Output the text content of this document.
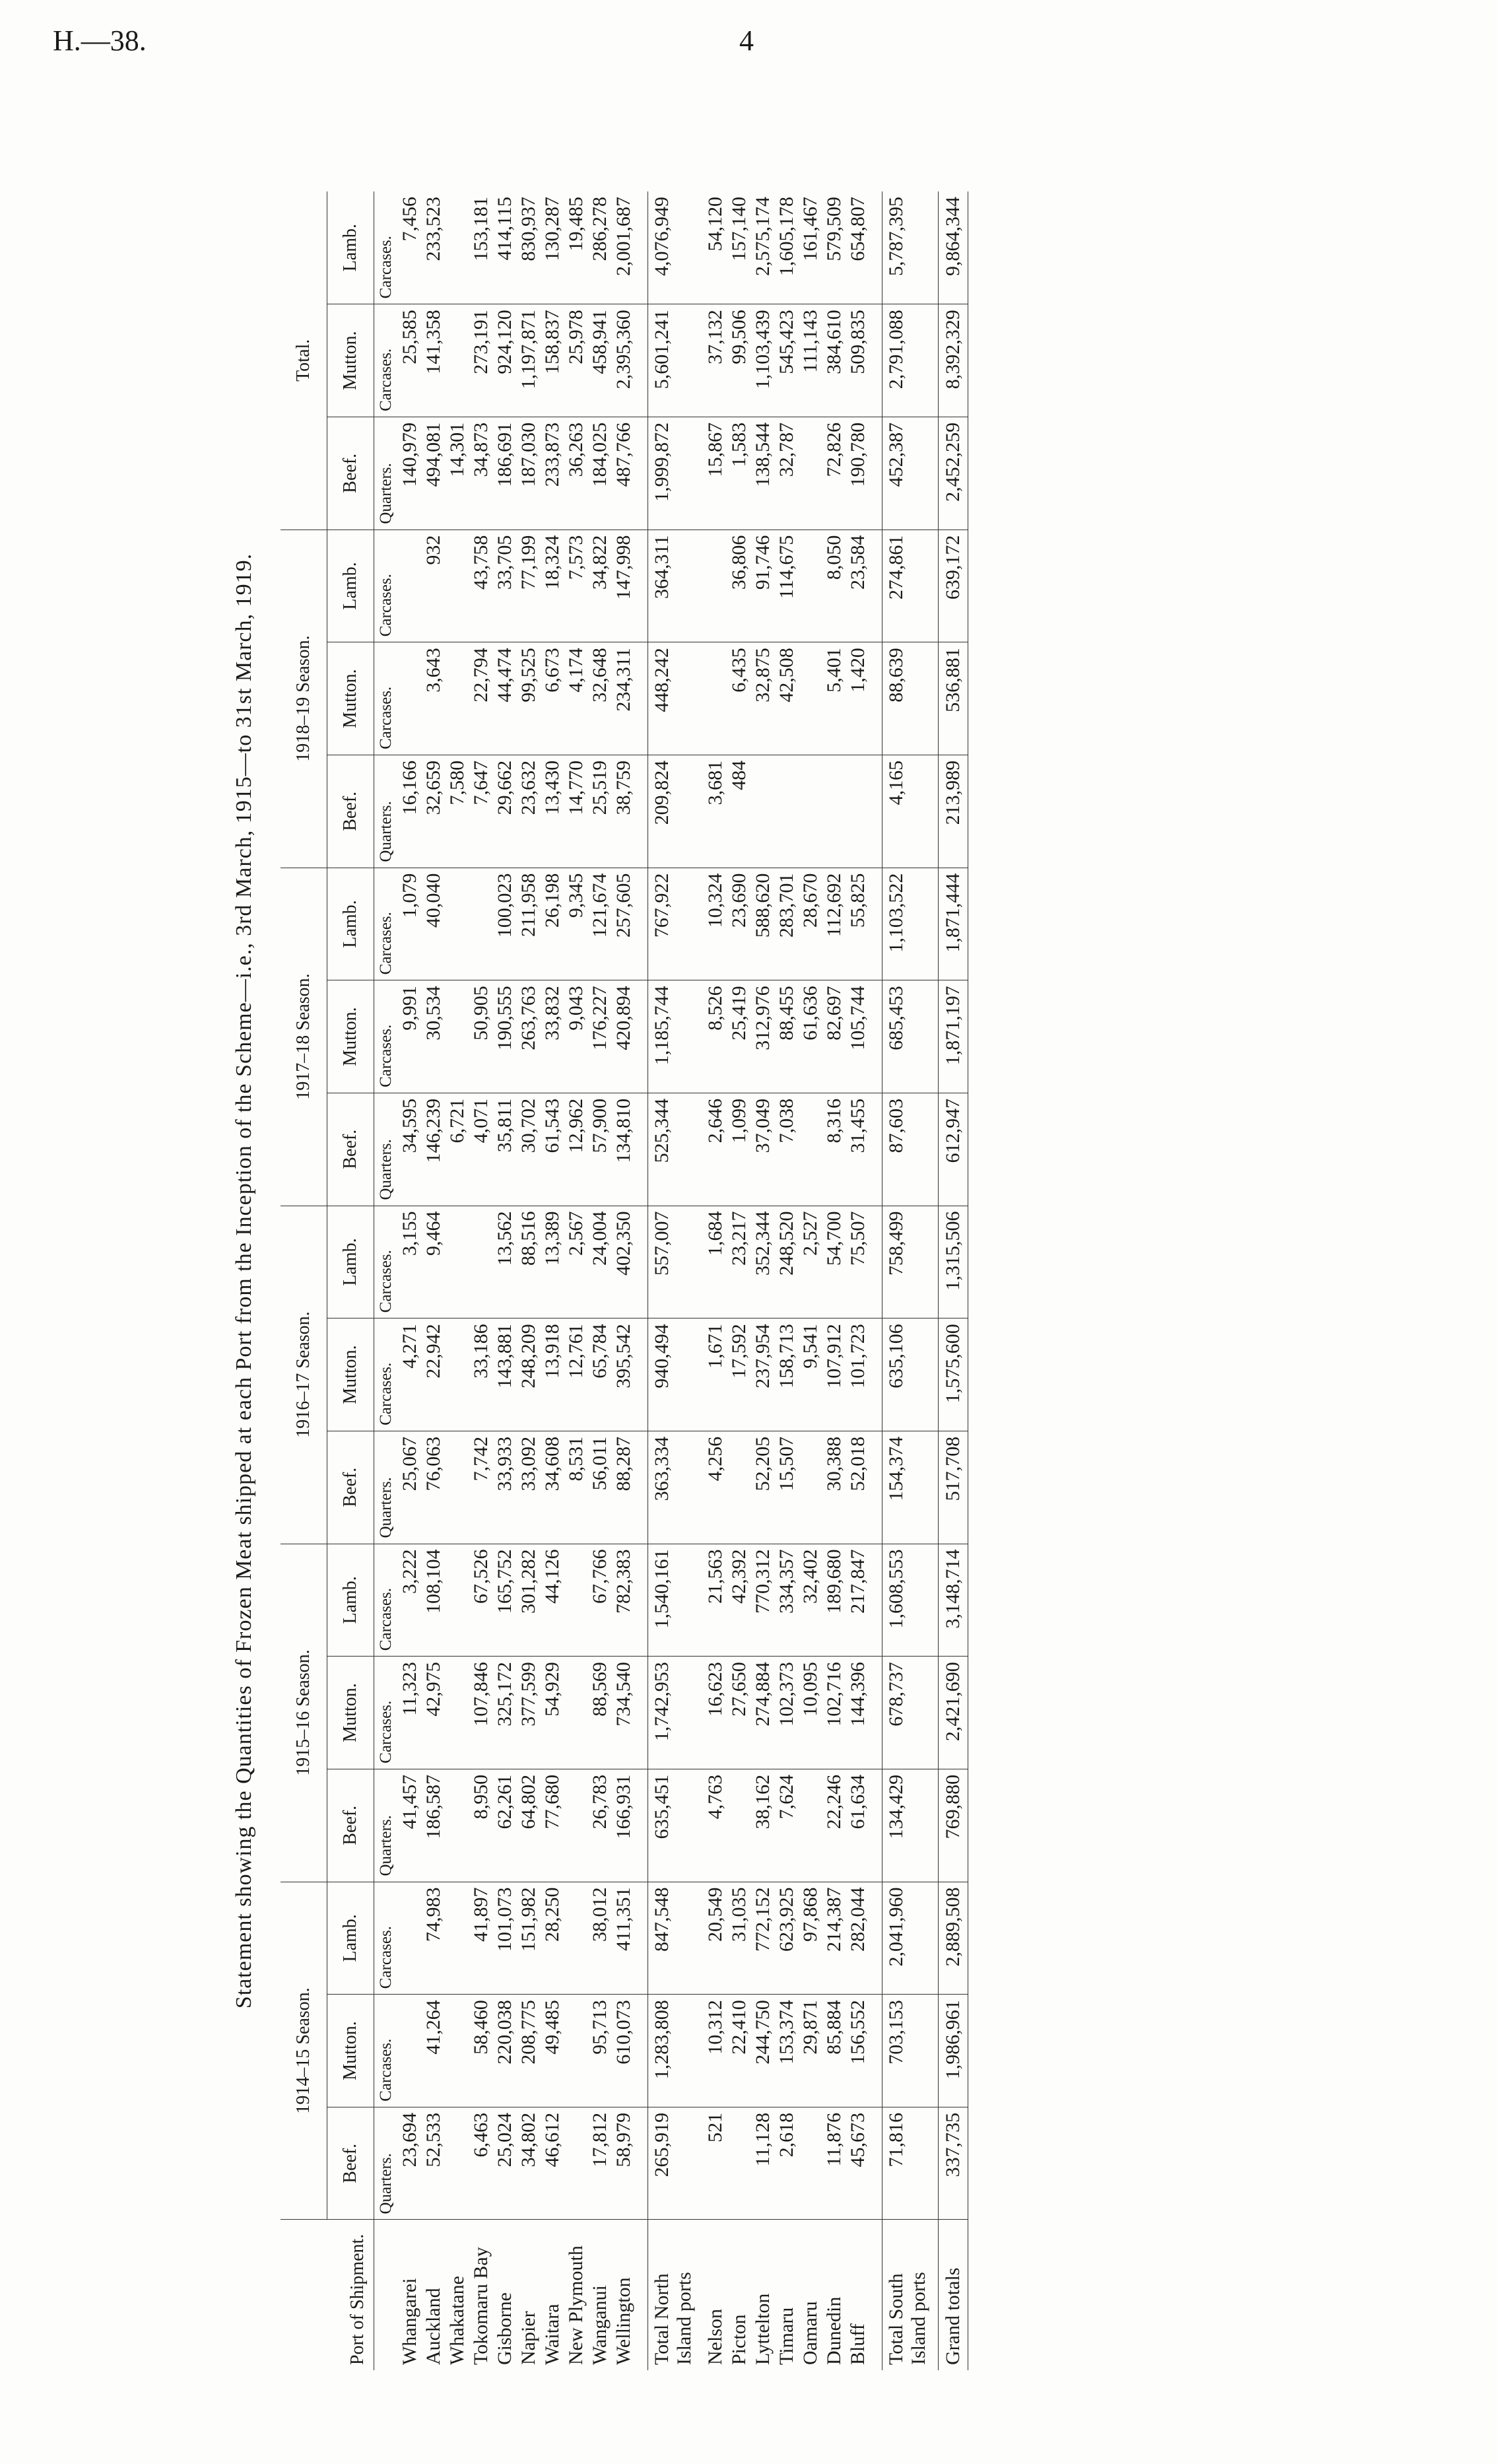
H.—38.	4
Statement showing the Quantities of Frozen Meat shipped at each Port from the Inception of the Scheme—i.e., 3rd March, 1915—to 31st March, 1919.
Port of Shipment.	1914–15 Season.			1915–16 Season.			1916–17 Season.			1917–18 Season.			1918–19 Season.			Total.		
	Beef.	Mutton.	Lamb.	Beef.	Mutton.	Lamb.	Beef.	Mutton.	Lamb.	Beef.	Mutton.	Lamb.	Beef.	Mutton.	Lamb.	Beef.	Mutton.	Lamb.
	Quarters.	Carcases.	Carcases.	Quarters.	Carcases.	Carcases.	Quarters.	Carcases.	Carcases.	Quarters.	Carcases.	Carcases.	Quarters.	Carcases.	Carcases.	Quarters.	Carcases.	Carcases.
Whangarei	23,694			41,457	11,323	3,222	25,067	4,271	3,155	34,595	9,991	1,079	16,166			140,979	25,585	7,456
Auckland	52,533	41,264	74,983	186,587	42,975	108,104	76,063	22,942	9,464	146,239	30,534	40,040	32,659	3,643	932	494,081	141,358	233,523
Whakatane										6,721			7,580			14,301		
Tokomaru Bay	6,463	58,460	41,897	8,950	107,846	67,526	7,742	33,186		4,071	50,905		7,647	22,794	43,758	34,873	273,191	153,181
Gisborne	25,024	220,038	101,073	62,261	325,172	165,752	33,933	143,881	13,562	35,811	190,555	100,023	29,662	44,474	33,705	186,691	924,120	414,115
Napier	34,802	208,775	151,982	64,802	377,599	301,282	33,092	248,209	88,516	30,702	263,763	211,958	23,632	99,525	77,199	187,030	1,197,871	830,937
Waitara	46,612	49,485	28,250	77,680	54,929	44,126	34,608	13,918	13,389	61,543	33,832	26,198	13,430	6,673	18,324	233,873	158,837	130,287
New Plymouth							8,531	12,761	2,567	12,962	9,043	9,345	14,770	4,174	7,573	36,263	25,978	19,485
Wanganui	17,812	95,713	38,012	26,783	88,569	67,766	56,011	65,784	24,004	57,900	176,227	121,674	25,519	32,648	34,822	184,025	458,941	286,278
Wellington	58,979	610,073	411,351	166,931	734,540	782,383	88,287	395,542	402,350	134,810	420,894	257,605	38,759	234,311	147,998	487,766	2,395,360	2,001,687

Total North Island ports	265,919	1,283,808	847,548	635,451	1,742,953	1,540,161	363,334	940,494	557,007	525,344	1,185,744	767,922	209,824	448,242	364,311	1,999,872	5,601,241	4,076,949
Nelson	521	10,312	20,549	4,763	16,623	21,563	4,256	1,671	1,684	2,646	8,526	10,324	3,681			15,867	37,132	54,120
Picton		22,410	31,035		27,650	42,392		17,592	23,217	1,099	25,419	23,690	484	6,435	36,806	1,583	99,506	157,140
Lyttelton	11,128	244,750	772,152	38,162	274,884	770,312	52,205	237,954	352,344	37,049	312,976	588,620		32,875	91,746	138,544	1,103,439	2,575,174
Timaru	2,618	153,374	623,925	7,624	102,373	334,357	15,507	158,713	248,520	7,038	88,455	283,701		42,508	114,675	32,787	545,423	1,605,178
Oamaru		29,871	97,868		10,095	32,402		9,541	2,527		61,636	28,670					111,143	161,467
Dunedin	11,876	85,884	214,387	22,246	102,716	189,680	30,388	107,912	54,700	8,316	82,697	112,692		5,401	8,050	72,826	384,610	579,509
Bluff	45,673	156,552	282,044	61,634	144,396	217,847	52,018	101,723	75,507	31,455	105,744	55,825		1,420	23,584	190,780	509,835	654,807

Total South Island ports	71,816	703,153	2,041,960	134,429	678,737	1,608,553	154,374	635,106	758,499	87,603	685,453	1,103,522	4,165	88,639	274,861	452,387	2,791,088	5,787,395
Grand totals	337,735	1,986,961	2,889,508	769,880	2,421,690	3,148,714	517,708	1,575,600	1,315,506	612,947	1,871,197	1,871,444	213,989	536,881	639,172	2,452,259	8,392,329	9,864,344
